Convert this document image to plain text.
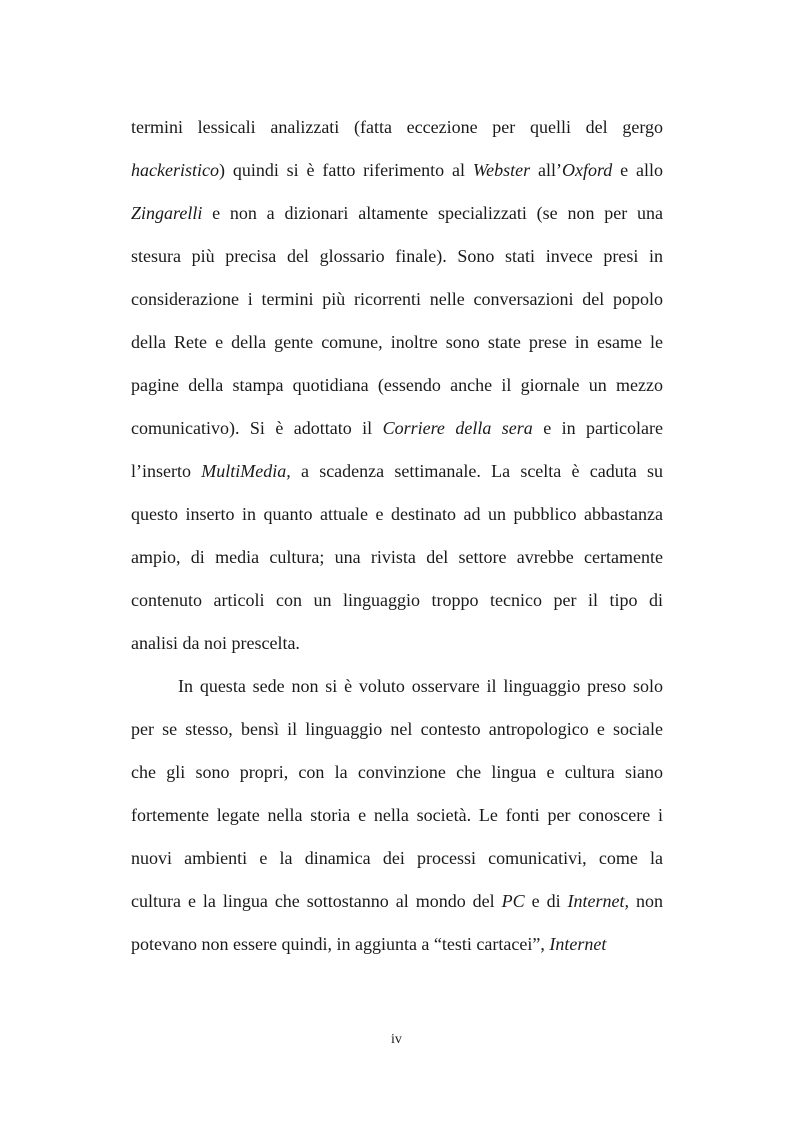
termini lessicali analizzati (fatta eccezione per quelli del gergo
hackeristico) quindi si è fatto riferimento al Webster all’Oxford e allo
Zingarelli e non a dizionari altamente specializzati (se non per una
stesura più precisa del glossario finale). Sono stati invece presi in
considerazione i termini più ricorrenti nelle conversazioni del popolo
della Rete e della gente comune, inoltre sono state prese in esame le
pagine della stampa quotidiana (essendo anche il giornale un mezzo
comunicativo). Si è adottato il Corriere della sera e in particolare
l’inserto MultiMedia, a scadenza settimanale. La scelta è caduta su
questo inserto in quanto attuale e destinato ad un pubblico abbastanza
ampio, di media cultura; una rivista del settore avrebbe certamente
contenuto articoli con un linguaggio troppo tecnico per il tipo di
analisi da noi prescelta.
In questa sede non si è voluto osservare il linguaggio preso solo
per se stesso, bensì il linguaggio nel contesto antropologico e sociale
che gli sono propri, con la convinzione che lingua e cultura siano
fortemente legate nella storia e nella società. Le fonti per conoscere i
nuovi ambienti e la dinamica dei processi comunicativi, come la
cultura e la lingua che sottostanno al mondo del PC e di Internet, non
potevano non essere quindi, in aggiunta a “testi cartacei”, Internet
iv
